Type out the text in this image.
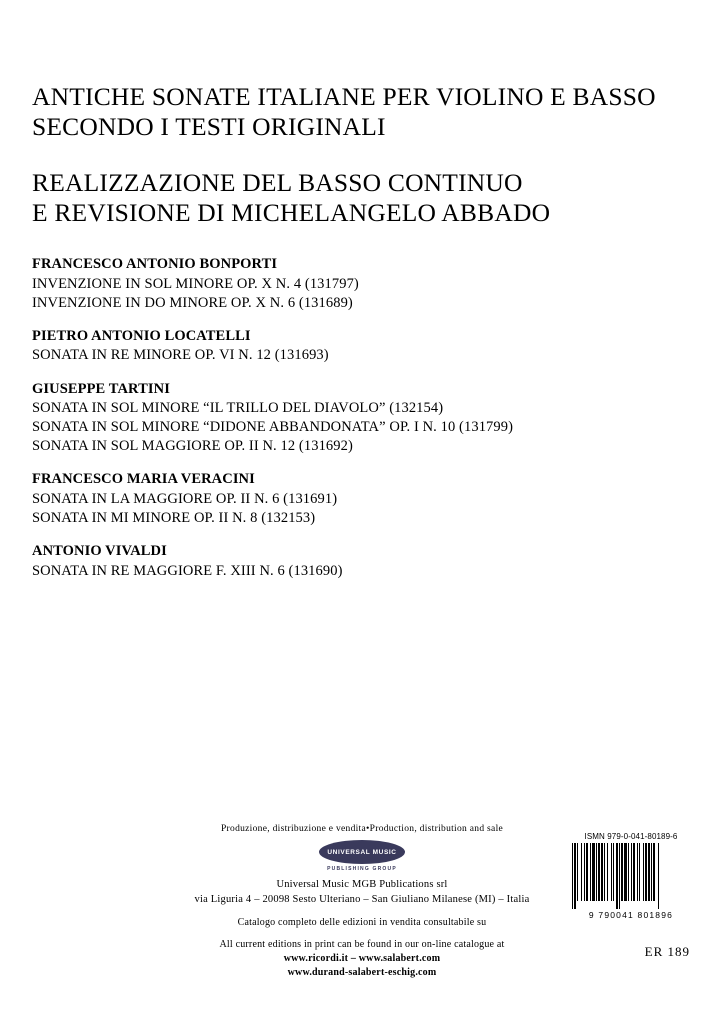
ANTICHE SONATE ITALIANE PER VIOLINO E BASSO
SECONDO I TESTI ORIGINALI
REALIZZAZIONE DEL BASSO CONTINUO
E REVISIONE DI MICHELANGELO ABBADO
FRANCESCO ANTONIO BONPORTI
INVENZIONE IN SOL MINORE OP. X N. 4 (131797)
INVENZIONE IN DO MINORE OP. X N. 6 (131689)
PIETRO ANTONIO LOCATELLI
SONATA IN RE MINORE OP. VI N. 12 (131693)
GIUSEPPE TARTINI
SONATA IN SOL MINORE “IL TRILLO DEL DIAVOLO” (132154)
SONATA IN SOL MINORE “DIDONE ABBANDONATA” OP. I N. 10 (131799)
SONATA IN SOL MAGGIORE OP. II N. 12 (131692)
FRANCESCO MARIA VERACINI
SONATA IN LA MAGGIORE OP. II N. 6 (131691)
SONATA IN MI MINORE OP. II N. 8 (132153)
ANTONIO VIVALDI
SONATA IN RE MAGGIORE F. XIII N. 6 (131690)
Produzione, distribuzione e vendita•Production, distribution and sale
UNIVERSAL MUSIC
PUBLISHING GROUP
Universal Music MGB Publications srl
via Liguria 4 – 20098 Sesto Ulteriano – San Giuliano Milanese (MI) – Italia
Catalogo completo delle edizioni in vendita consultabile su
All current editions in print can be found in our on-line catalogue at
www.ricordi.it – www.salabert.com
www.durand-salabert-eschig.com
ISMN 979-0-041-80189-6
9 790041 801896
ER 189
